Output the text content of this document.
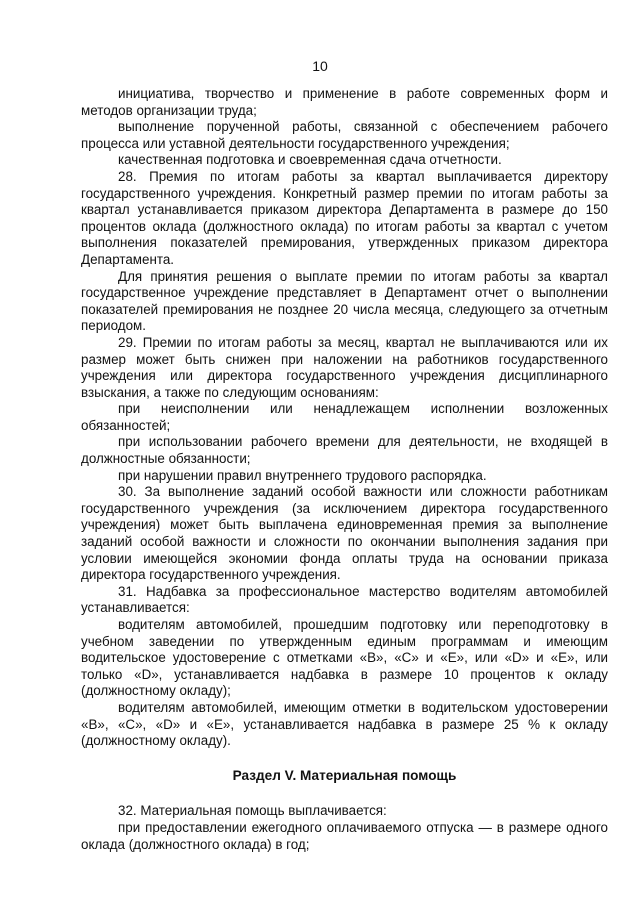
10

инициатива, творчество и применение в работе современных форм и методов организации труда;

выполнение порученной работы, связанной с обеспечением рабочего процесса или уставной деятельности государственного учреждения;

качественная подготовка и своевременная сдача отчетности.

28. Премия по итогам работы за квартал выплачивается директору государственного учреждения. Конкретный размер премии по итогам работы за квартал устанавливается приказом директора Департамента в размере до 150 процентов оклада (должностного оклада) по итогам работы за квартал с учетом выполнения показателей премирования, утвержденных приказом директора Департамента.

Для принятия решения о выплате премии по итогам работы за квартал государственное учреждение представляет в Департамент отчет о выполнении показателей премирования не позднее 20 числа месяца, следующего за отчетным периодом.

29. Премии по итогам работы за месяц, квартал не выплачиваются или их размер может быть снижен при наложении на работников государственного учреждения или директора государственного учреждения дисциплинарного взыскания, а также по следующим основаниям:

при неисполнении или ненадлежащем исполнении возложенных обязанностей;

при использовании рабочего времени для деятельности, не входящей в должностные обязанности;

при нарушении правил внутреннего трудового распорядка.

30. За выполнение заданий особой важности или сложности работникам государственного учреждения (за исключением директора государственного учреждения) может быть выплачена единовременная премия за выполнение заданий особой важности и сложности по окончании выполнения задания при условии имеющейся экономии фонда оплаты труда на основании приказа директора государственного учреждения.

31. Надбавка за профессиональное мастерство водителям автомобилей устанавливается:

водителям автомобилей, прошедшим подготовку или переподготовку в учебном заведении по утвержденным единым программам и имеющим водительское удостоверение с отметками «B», «C» и «E», или «D» и «E», или только «D», устанавливается надбавка в размере 10 процентов к окладу (должностному окладу);

водителям автомобилей, имеющим отметки в водительском удостоверении «B», «C», «D» и «E», устанавливается надбавка в размере 25 % к окладу (должностному окладу).

Раздел V. Материальная помощь

32. Материальная помощь выплачивается:

при предоставлении ежегодного оплачиваемого отпуска — в размере одного оклада (должностного оклада) в год;
